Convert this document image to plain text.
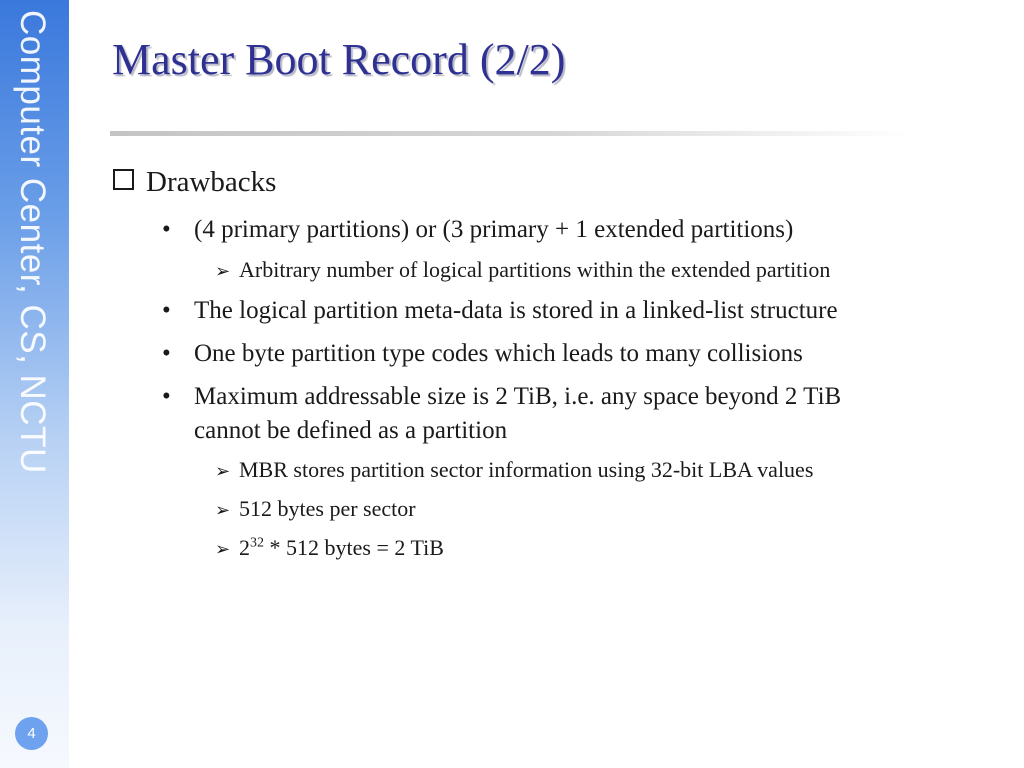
Computer Center, CS, NCTU
4
Master Boot Record (2/2)
Drawbacks
• (4 primary partitions) or (3 primary + 1 extended partitions)
➢ Arbitrary number of logical partitions within the extended partition
• The logical partition meta-data is stored in a linked-list structure
• One byte partition type codes which leads to many collisions
• Maximum addressable size is 2 TiB, i.e. any space beyond 2 TiB
cannot be defined as a partition
➢ MBR stores partition sector information using 32-bit LBA values
➢ 512 bytes per sector
➢ $2^{32} * 512$ bytes = 2 TiB
